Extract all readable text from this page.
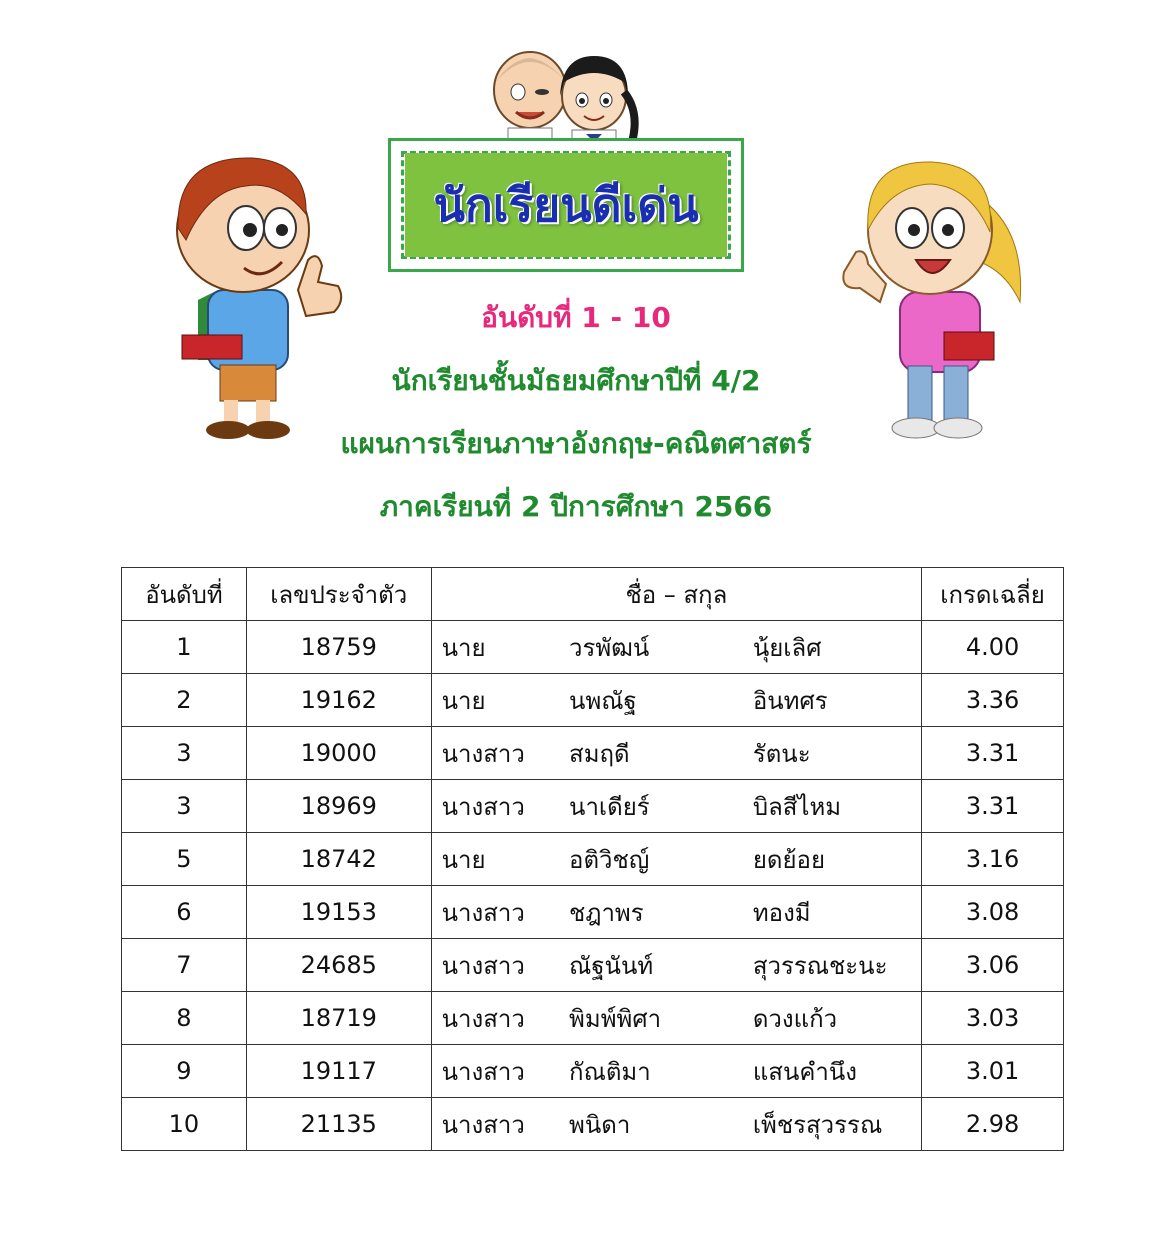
นักเรียนดีเด่น
อันดับที่ 1 - 10
นักเรียนชั้นมัธยมศึกษาปีที่ 4/2
แผนการเรียนภาษาอังกฤษ-คณิตศาสตร์
ภาคเรียนที่ 2 ปีการศึกษา 2566
อันดับที่	เลขประจำตัว	ชื่อ – สกุล			เกรดเฉลี่ย
1	18759	นาย	วรพัฒน์	นุ้ยเลิศ	4.00
2	19162	นาย	นพณัฐ	อินทศร	3.36
3	19000	นางสาว	สมฤดี	รัตนะ	3.31
3	18969	นางสาว	นาเดียร์	บิลสีไหม	3.31
5	18742	นาย	อติวิชญ์	ยดย้อย	3.16
6	19153	นางสาว	ชฎาพร	ทองมี	3.08
7	24685	นางสาว	ณัฐนันท์	สุวรรณชะนะ	3.06
8	18719	นางสาว	พิมพ์พิศา	ดวงแก้ว	3.03
9	19117	นางสาว	กัณติมา	แสนคำนึง	3.01
10	21135	นางสาว	พนิดา	เพ็ชรสุวรรณ	2.98
